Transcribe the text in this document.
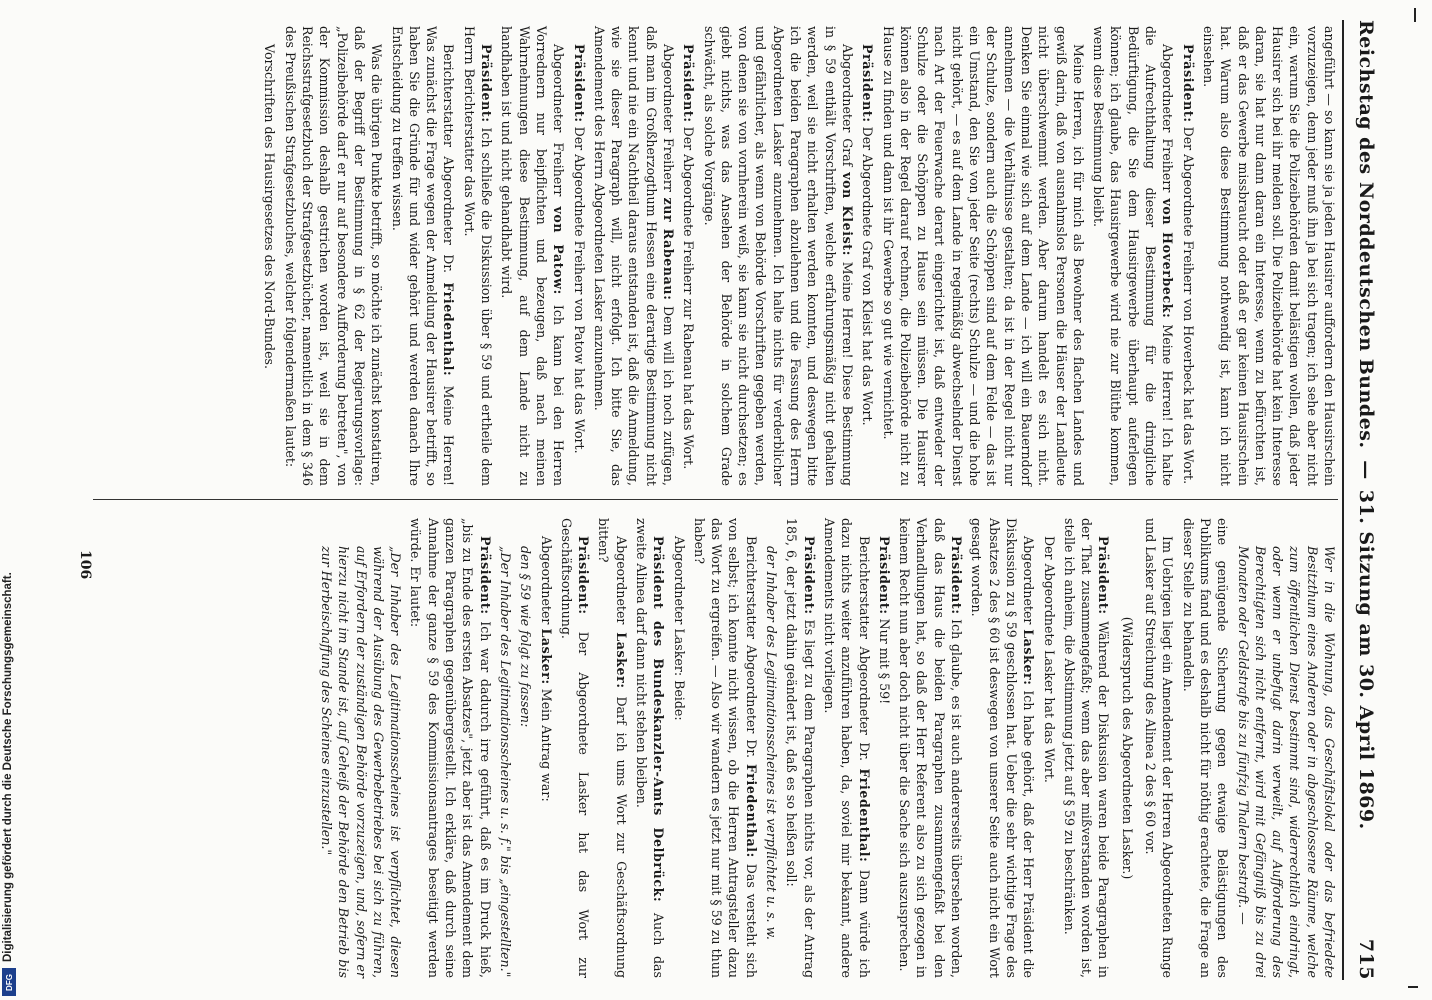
Reichstag des Norddeutschen Bundes.
—
31. Sitzung am 30. April 1869.
715

angeführt — so kann sie ja jeden Hausirer auffordern den Hausirschein vorzuzeigen, denn jeder muß ihn ja bei sich tragen; ich sehe aber nicht ein, warum Sie die Polizeibehörden damit belästigen wollen, daß jeder Hausirer sich bei ihr melden soll. Die Polizeibehörde hat kein Interesse daran, sie hat nur dann daran ein Interesse, wenn zu befürchten ist, daß er das Gewerbe missbraucht oder daß er gar keinen Hausirschein hat. Warum also diese Bestimmung nothwendig ist, kann ich nicht einsehen.

Präsident: Der Abgeordnete Freiherr von Hoverbeck hat das Wort.

Abgeordneter Freiherr von Hoverbeck: Meine Herren! Ich halte die Aufrechthaltung dieser Bestimmung für die dringliche Bedürftigung, die Sie dem Hausirgewerbe überhaupt auferlegen können; ich glaube, das Hausirgewerbe wird nie zur Blüthe kommen, wenn diese Bestimmung bleibt.

Meine Herren, ich für mich als Bewohner des flachen Landes und gewiß darin, daß von ausnahmslos Personen die Häuser der Landleute nicht überschwemmt werden. Aber darum handelt es sich nicht. Denken Sie einmal wie sich auf dem Lande — ich will ein Bauerndorf annehmen — die Verhältnisse gestalten; da ist in der Regel nicht nur der Schulze, sondern auch die Schöppen sind auf dem Felde — das ist ein Umstand, den Sie von jeder Seite (rechts) Schulze — und die hohe nicht gehört, — es auf dem Lande in regelmäßig abwechselnder Dienst nach Art der Feuerwache derart eingerichtet ist, daß entweder der Schulze oder die Schöppen zu Hause sein müssen. Die Hausirer können also in der Regel darauf rechnen, die Polizeibehörde nicht zu Hause zu finden und dann ist ihr Gewerbe so gut wie vernichtet.

Präsident: Der Abgeordnete Graf von Kleist hat das Wort.

Abgeordneter Graf von Kleist: Meine Herren! Diese Bestimmung in § 59 enthält Vorschriften, welche erfahrungsmäßig nicht gehalten werden, weil sie nicht erhalten werden konnten, und deswegen bitte ich die beiden Paragraphen abzulehnen und die Fassung des Herrn Abgeordneten Lasker anzunehmen. Ich halte nichts für verderblicher und gefährlicher, als wenn von Behörde Vorschriften gegeben werden, von denen sie von vornherein weiß, sie kann sie nicht durchsetzen; es giebt nichts, was das Ansehen der Behörde in solchem Grade schwächt, als solche Vorgänge.

Präsident: Der Abgeordnete Freiherr zur Rabenau hat das Wort.

Abgeordneter Freiherr zur Rabenau: Dem will ich noch zufügen, daß man im Großherzogthum Hessen eine derartige Bestimmung nicht kennt und nie ein Nachtheil daraus entstanden ist, daß die Anmeldung, wie sie dieser Paragraph will, nicht erfolgt. Ich bitte Sie, das Amendement des Herrn Abgeordneten Lasker anzunehmen.

Präsident: Der Abgeordnete Freiherr von Patow hat das Wort.

Abgeordneter Freiherr von Patow: Ich kann bei den Herren Vorrednern nur beipflichten und bezeugen, daß nach meinen Wahrnehmungen diese Bestimmung, auf dem Lande nicht zu handhaben ist und nicht gehandhabt wird.

Präsident: Ich schließe die Diskussion über § 59 und ertheile dem Herrn Berichterstatter das Wort.

Berichterstatter Abgeordneter Dr. Friedenthal: Meine Herren! Was zunächst die Frage wegen der Anmeldung der Hausirer betrifft, so haben Sie die Gründe für und wider gehört und werden danach Ihre Entscheidung zu treffen wissen.

Was die übrigen Punkte betrifft, so möchte ich zunächst konstatiren, daß der Begriff der Bestimmung in § 62 der Regierungsvorlage: „Polizeibehörde darf er nur auf besondere Aufforderung betreten", von der Kommission deshalb gestrichen worden ist, weil sie in dem Reichsstrafgesetzbuch der Strafgesetzbücher, namentlich in dem § 346 des Preußischen Strafgesetzbuches, welcher folgendermaßen lautet:

Vorschriften des Hausirgesetzes des Nord-Bundes.

Wer in die Wohnung, das Geschäftslokal oder das befriedete Besitzthum eines Anderen oder in abgeschlossene Räume, welche zum öffentlichen Dienst bestimmt sind, widerrechtlich eindringt, oder wenn er unbefugt darin verweilt, auf Aufforderung des Berechtigten sich nicht entfernt, wird mit Gefängniß bis zu drei Monaten oder Geldstrafe bis zu fünfzig Thalern bestraft. —

eine genügende Sicherung gegen etwaige Belästigungen des Publikums fand und es deshalb nicht für nöthig erachtete, die Frage an dieser Stelle zu behandeln.

Im Uebrigen liegt ein Amendement der Herren Abgeordneten Runge und Lasker auf Streichung des Alinea 2 des § 60 vor.

(Widerspruch des Abgeordneten Lasker.)

Präsident: Während der Diskussion waren beide Paragraphen in der That zusammengefaßt; wenn das aber mißverstanden worden ist, stelle ich anheim, die Abstimmung jetzt auf § 59 zu beschränken.

Der Abgeordnete Lasker hat das Wort.

Abgeordneter Lasker: Ich habe gehört, daß der Herr Präsident die Diskussion zu § 59 geschlossen hat. Ueber die sehr wichtige Frage des Absatzes 2 des § 60 ist deswegen von unserer Seite auch nicht ein Wort gesagt worden.

Präsident: Ich glaube, es ist auch andererseits übersehen worden, daß das Haus die beiden Paragraphen zusammengefaßt bei den Verhandlungen hat, so daß der Herr Referent also zu sich gezogen in keinem Recht nun aber doch nicht über die Sache sich auszusprechen.

Präsident: Nur mit § 59!

Berichterstatter Abgeordneter Dr. Friedenthal: Dann würde ich dazu nichts weiter anzuführen haben, da, soviel mir bekannt, andere Amendements nicht vorliegen.

Präsident: Es liegt zu dem Paragraphen nichts vor, als der Antrag 185, 6, der jetzt dahin geändert ist, daß es so heißen soll:

der Inhaber des Legitimationsscheines ist verpflichtet u. s. w.

Berichterstatter Abgeordneter Dr. Friedenthal: Das versteht sich von selbst; ich konnte nicht wissen, ob die Herren Antragsteller dazu das Wort zu ergreifen. — Also wir wandern es jetzt nur mit § 59 zu thun haben?

Abgeordneter Lasker: Beide:

Präsident des Bundeskanzler-Amts Delbrück: Auch das zweite Alinea darf dann nicht stehen bleiben.

Abgeordneter Lasker: Darf ich ums Wort zur Geschäftsordnung bitten?

Präsident: Der Abgeordnete Lasker hat das Wort zur Geschäftsordnung.

Abgeordneter Lasker: Mein Antrag war:

den § 59 wie folgt zu fassen:

„Der Inhaber des Legitimationsscheines u. s. f." bis „eingestellten."

Präsident: Ich war dadurch irre geführt, daß es im Druck hieß, „bis zu Ende des ersten Absatzes", jetzt aber ist das Amendement dem ganzen Paragraphen gegenübergestellt. Ich erkläre, daß durch seine Annahme der ganze § 59 des Kommissionsantrages beseitigt werden würde. Er lautet:

„Der Inhaber des Legitimationsscheines ist verpflichtet, diesen während der Ausübung des Gewerbebetriebes bei sich zu führen, auf Erfordern der zuständigen Behörde vorzuzeigen, und, sofern er hierzu nicht im Stande ist, auf Geheiß der Behörde den Betrieb bis zur Herbeischaffung des Scheines einzustellen."

106
Digitalisierung gefördert durch die Deutsche Forschungsgemeinschaft.
DFG
